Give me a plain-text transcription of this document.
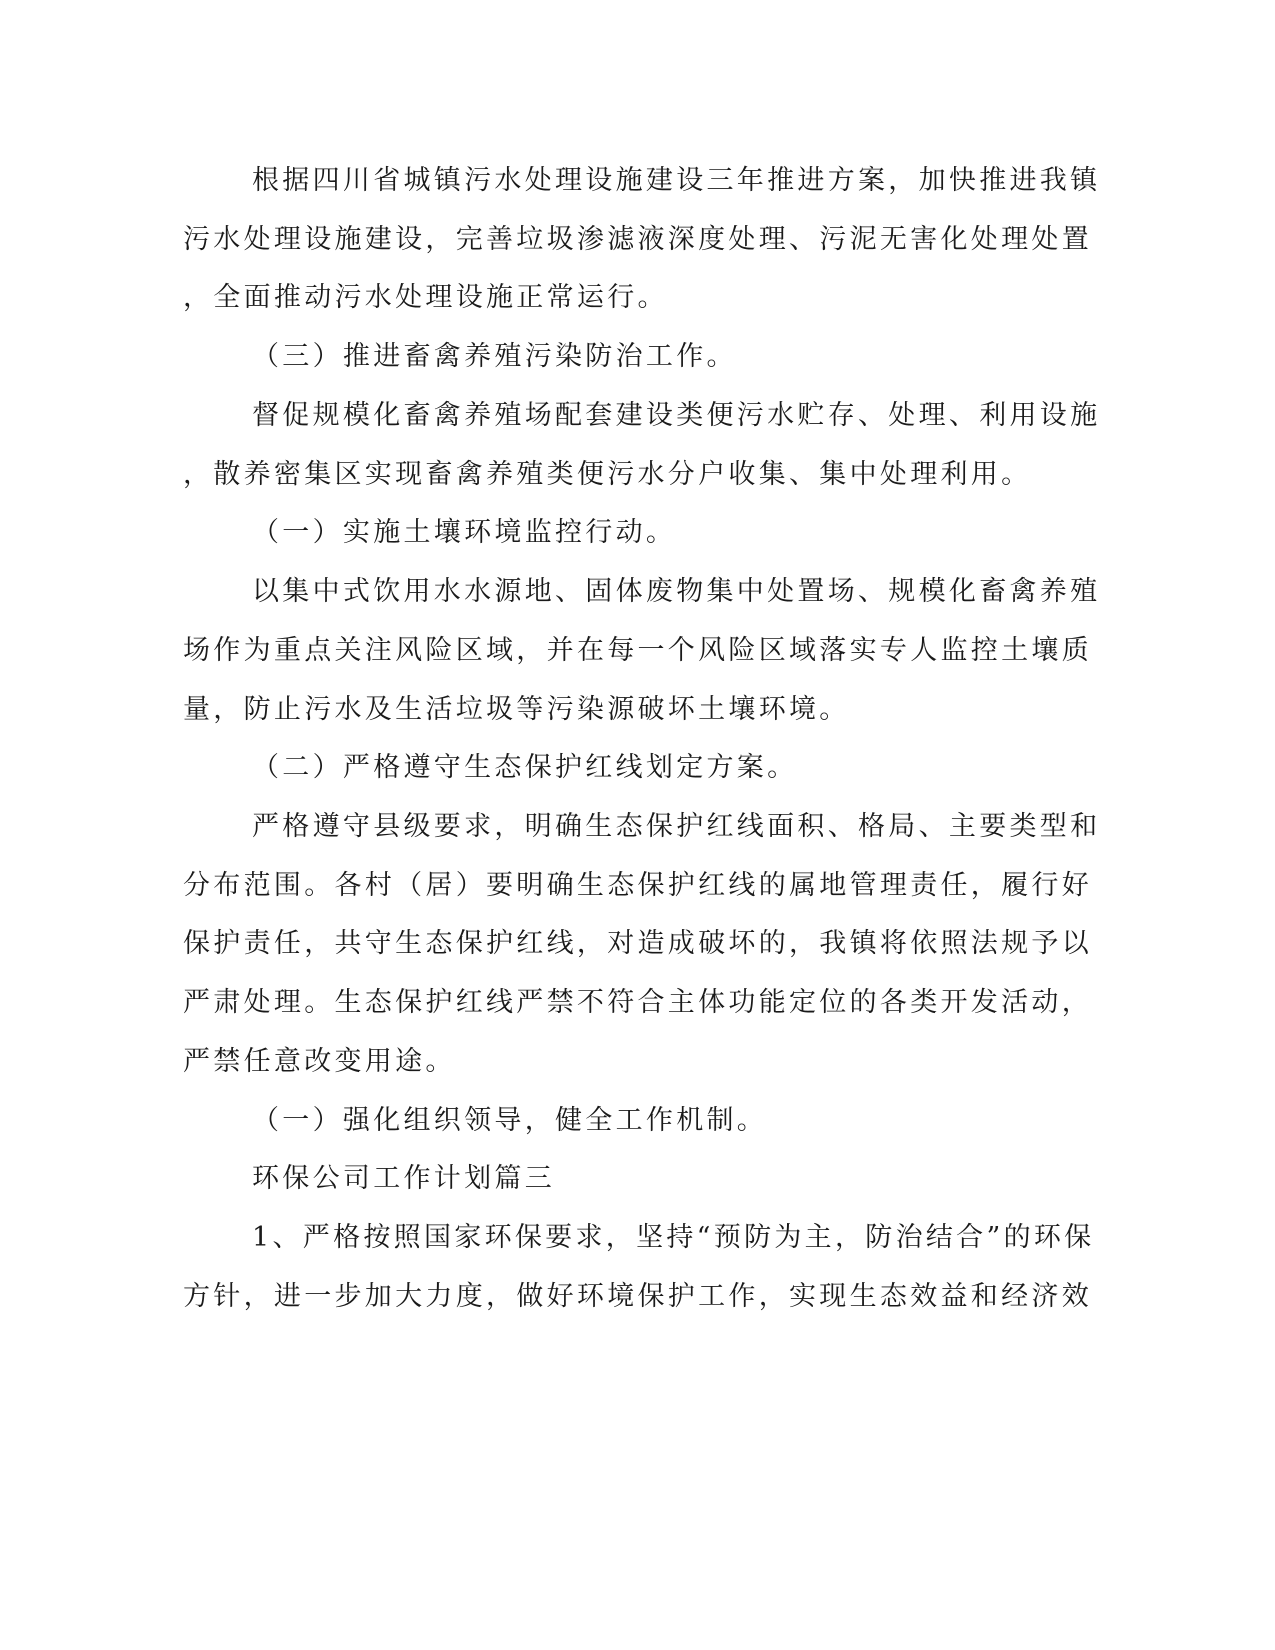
根据四川省城镇污水处理设施建设三年推进方案，加快推进我镇

污水处理设施建设，完善垃圾渗滤液深度处理、污泥无害化处理处置

，全面推动污水处理设施正常运行。

（三）推进畜禽养殖污染防治工作。

督促规模化畜禽养殖场配套建设类便污水贮存、处理、利用设施

，散养密集区实现畜禽养殖类便污水分户收集、集中处理利用。

（一）实施土壤环境监控行动。

以集中式饮用水水源地、固体废物集中处置场、规模化畜禽养殖

场作为重点关注风险区域，并在每一个风险区域落实专人监控土壤质

量，防止污水及生活垃圾等污染源破坏土壤环境。

（二）严格遵守生态保护红线划定方案。

严格遵守县级要求，明确生态保护红线面积、格局、主要类型和

分布范围。各村（居）要明确生态保护红线的属地管理责任，履行好

保护责任，共守生态保护红线，对造成破坏的，我镇将依照法规予以

严肃处理。生态保护红线严禁不符合主体功能定位的各类开发活动，

严禁任意改变用途。

（一）强化组织领导，健全工作机制。

环保公司工作计划篇三

1、严格按照国家环保要求，坚持“预防为主，防治结合”的环保

方针，进一步加大力度，做好环境保护工作，实现生态效益和经济效
